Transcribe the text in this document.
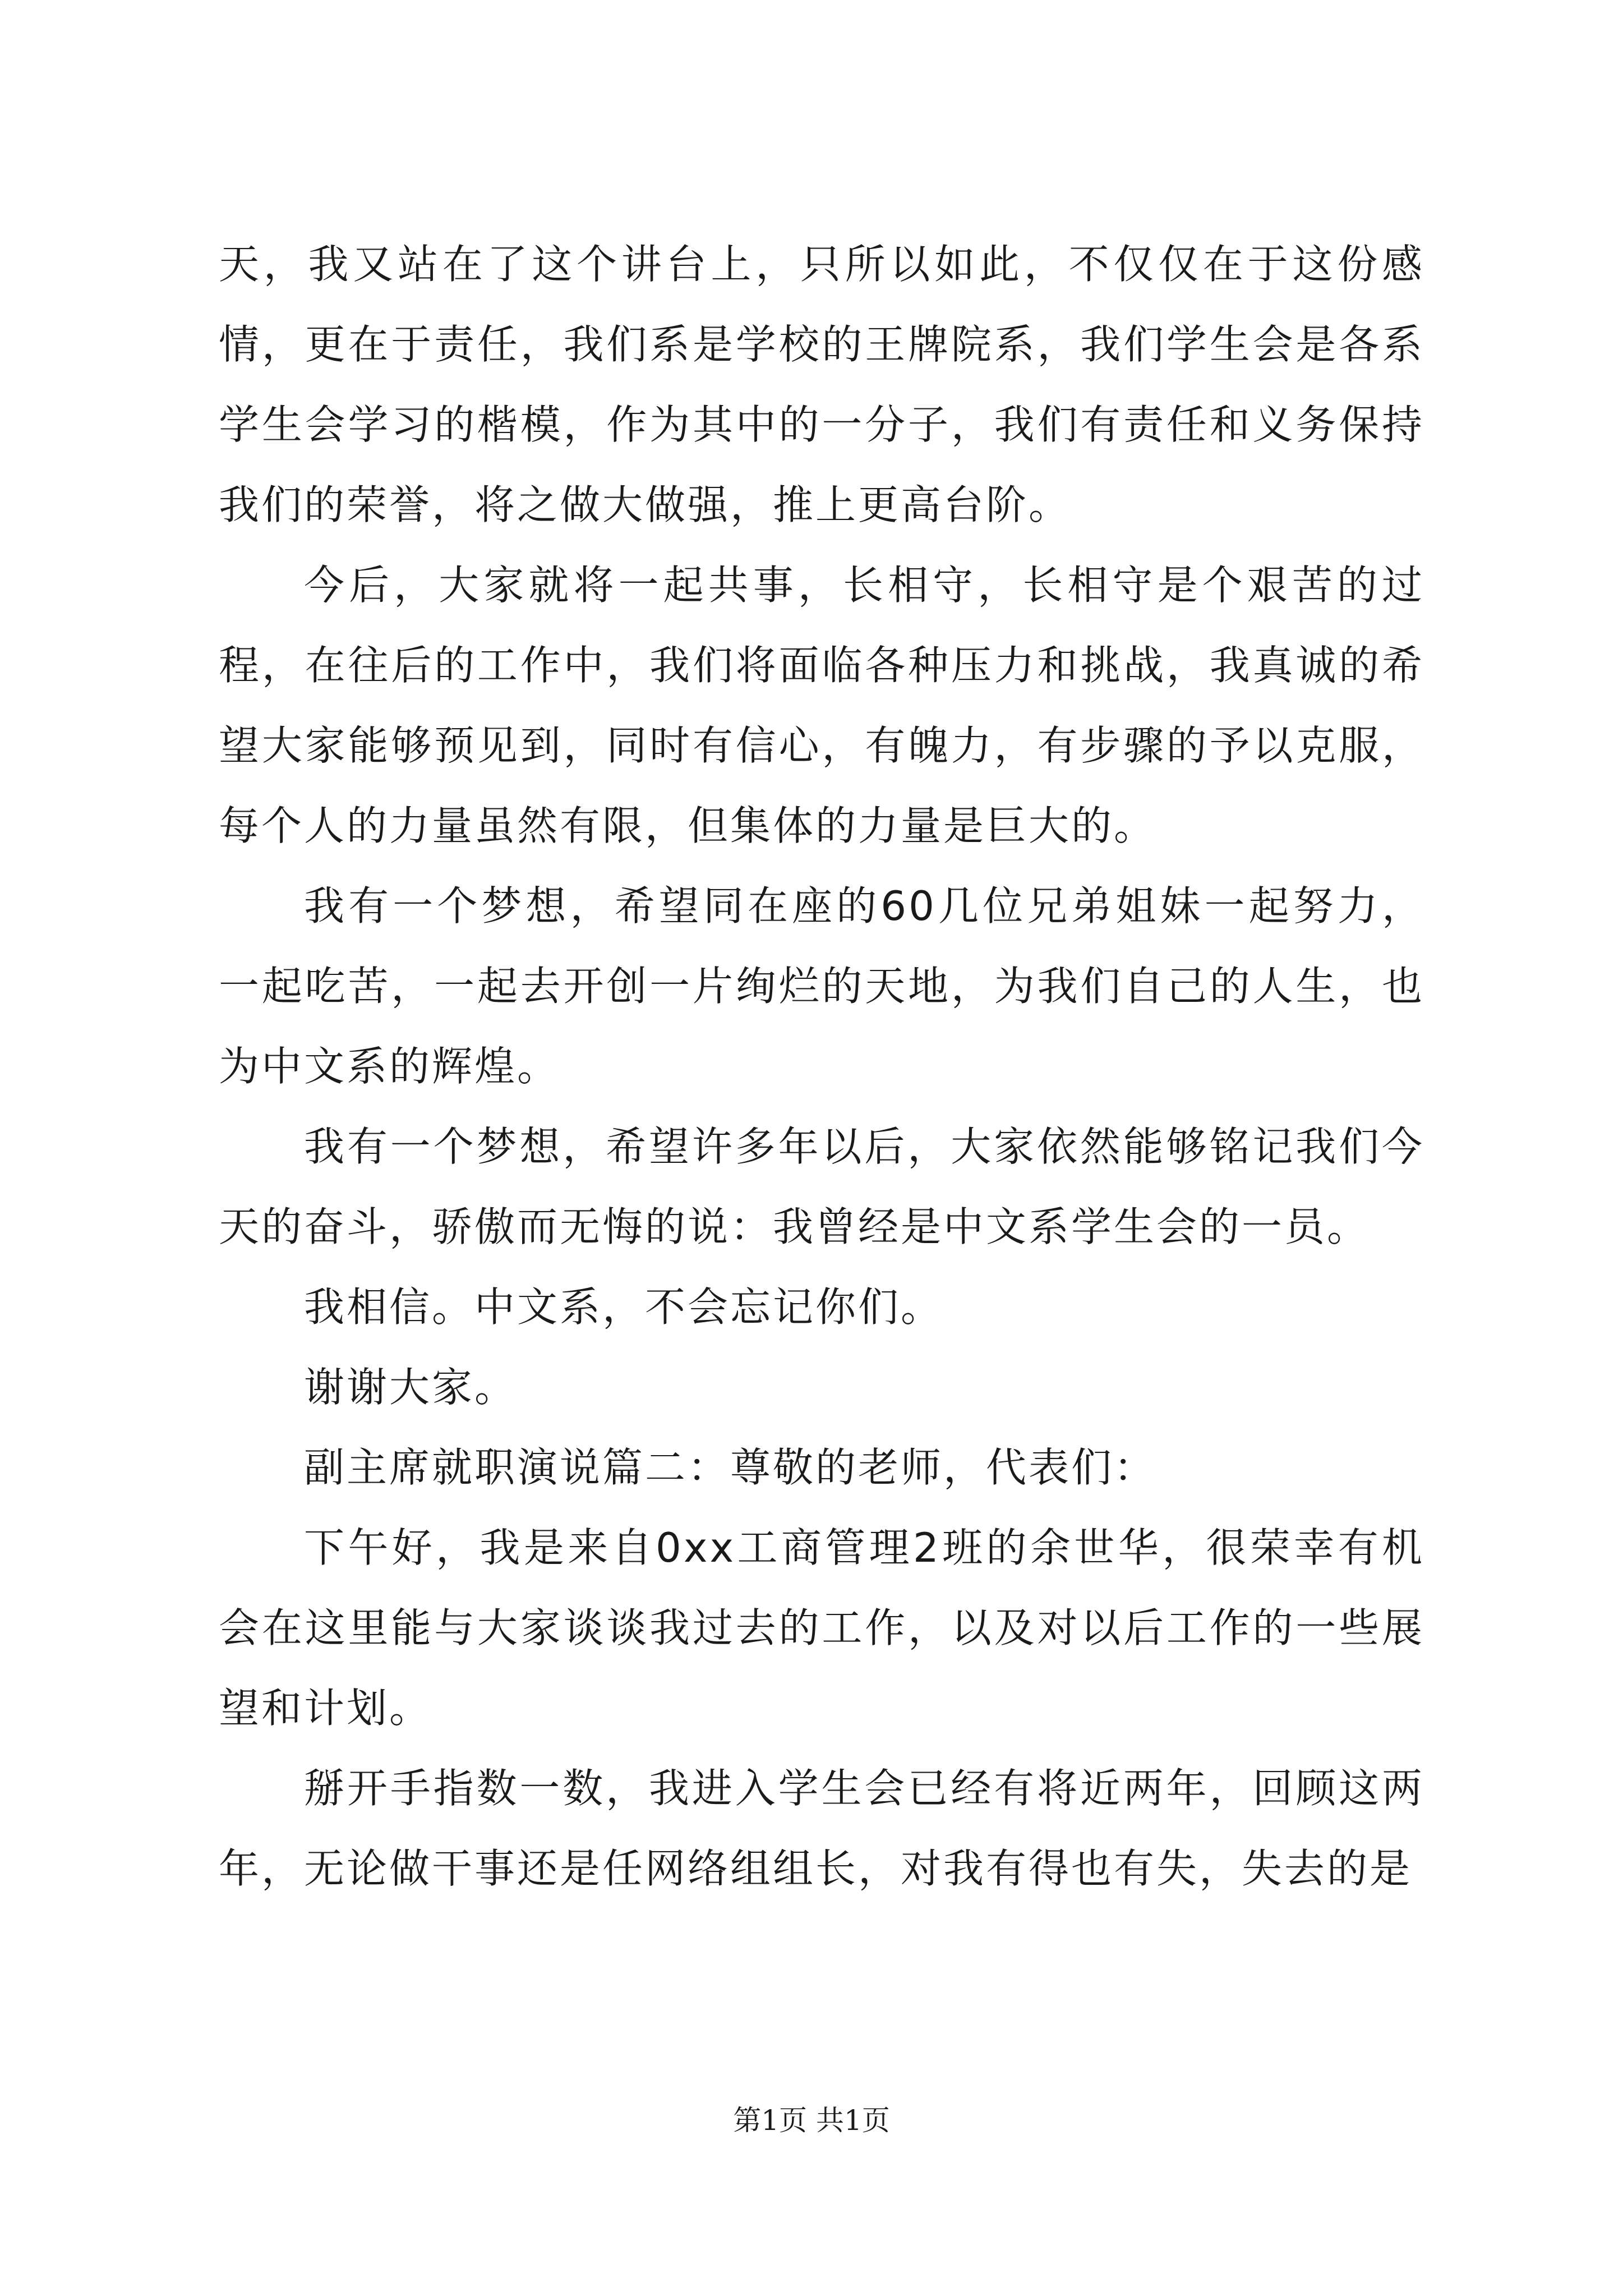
天，我又站在了这个讲台上，只所以如此，不仅仅在于这份感情，更在于责任，我们系是学校的王牌院系，我们学生会是各系学生会学习的楷模，作为其中的一分子，我们有责任和义务保持我们的荣誉，将之做大做强，推上更高台阶。

今后，大家就将一起共事，长相守，长相守是个艰苦的过程，在往后的工作中，我们将面临各种压力和挑战，我真诚的希望大家能够预见到，同时有信心，有魄力，有步骤的予以克服，每个人的力量虽然有限，但集体的力量是巨大的。

我有一个梦想，希望同在座的60几位兄弟姐妹一起努力，一起吃苦，一起去开创一片绚烂的天地，为我们自己的人生，也为中文系的辉煌。

我有一个梦想，希望许多年以后，大家依然能够铭记我们今天的奋斗，骄傲而无悔的说：我曾经是中文系学生会的一员。

我相信。中文系，不会忘记你们。

谢谢大家。

副主席就职演说篇二：尊敬的老师，代表们：

下午好，我是来自0xx工商管理2班的余世华，很荣幸有机会在这里能与大家谈谈我过去的工作，以及对以后工作的一些展望和计划。

掰开手指数一数，我进入学生会已经有将近两年，回顾这两年，无论做干事还是任网络组组长，对我有得也有失，失去的是

第1页 共1页
